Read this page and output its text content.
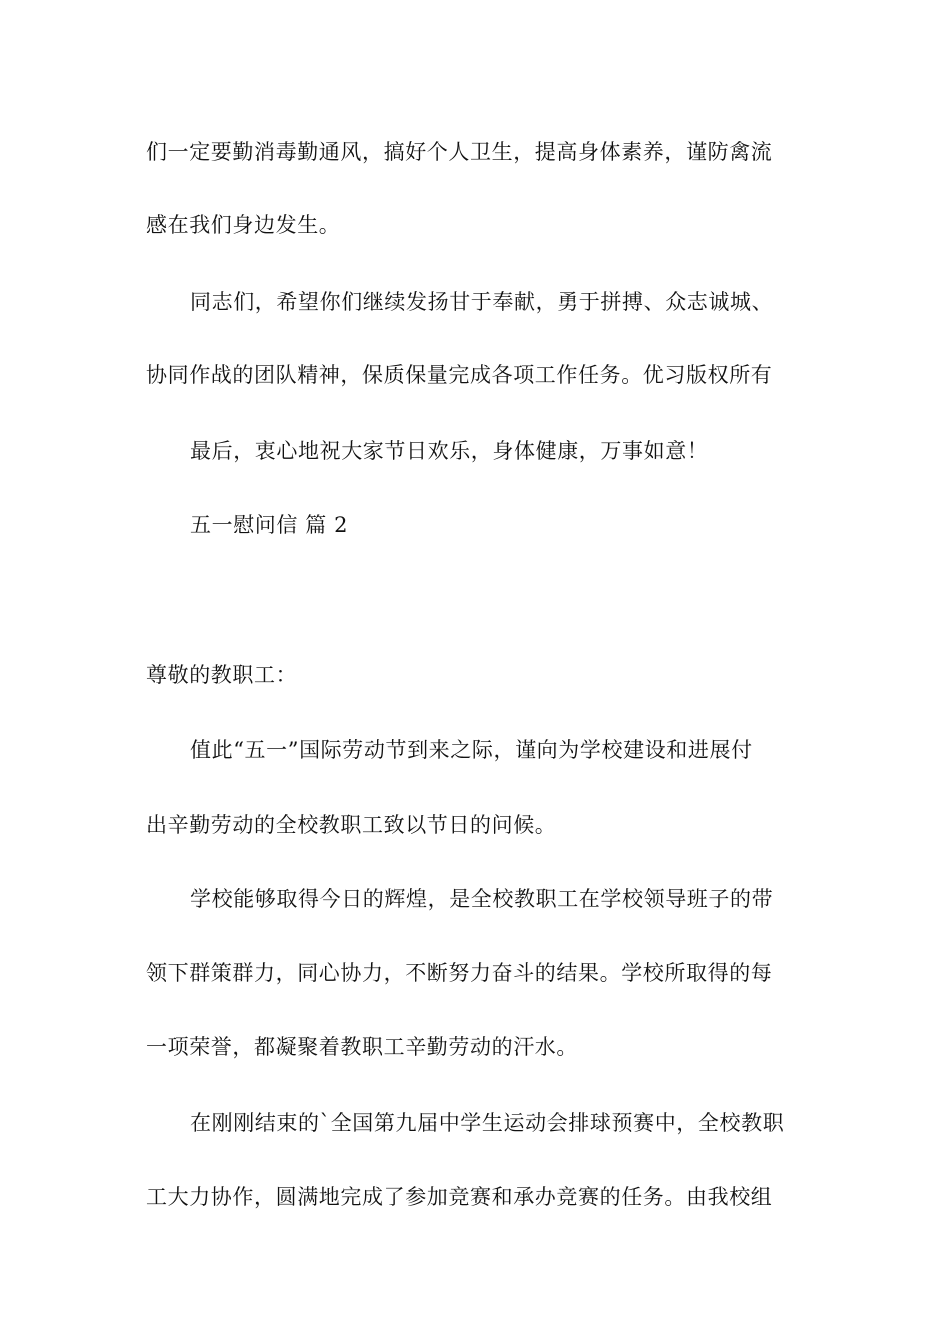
们一定要勤消毒勤通风，搞好个人卫生，提高身体素养，谨防禽流
感在我们身边发生。
同志们，希望你们继续发扬甘于奉献，勇于拼搏、众志诚城、
协同作战的团队精神，保质保量完成各项工作任务。优习版权所有
最后，衷心地祝大家节日欢乐，身体健康，万事如意！
五一慰问信 篇 2
尊敬的教职工：
值此“五一”国际劳动节到来之际，谨向为学校建设和进展付
出辛勤劳动的全校教职工致以节日的问候。
学校能够取得今日的辉煌，是全校教职工在学校领导班子的带
领下群策群力，同心协力，不断努力奋斗的结果。学校所取得的每
一项荣誉，都凝聚着教职工辛勤劳动的汗水。
在刚刚结束的`全国第九届中学生运动会排球预赛中，全校教职
工大力协作，圆满地完成了参加竞赛和承办竞赛的任务。由我校组
